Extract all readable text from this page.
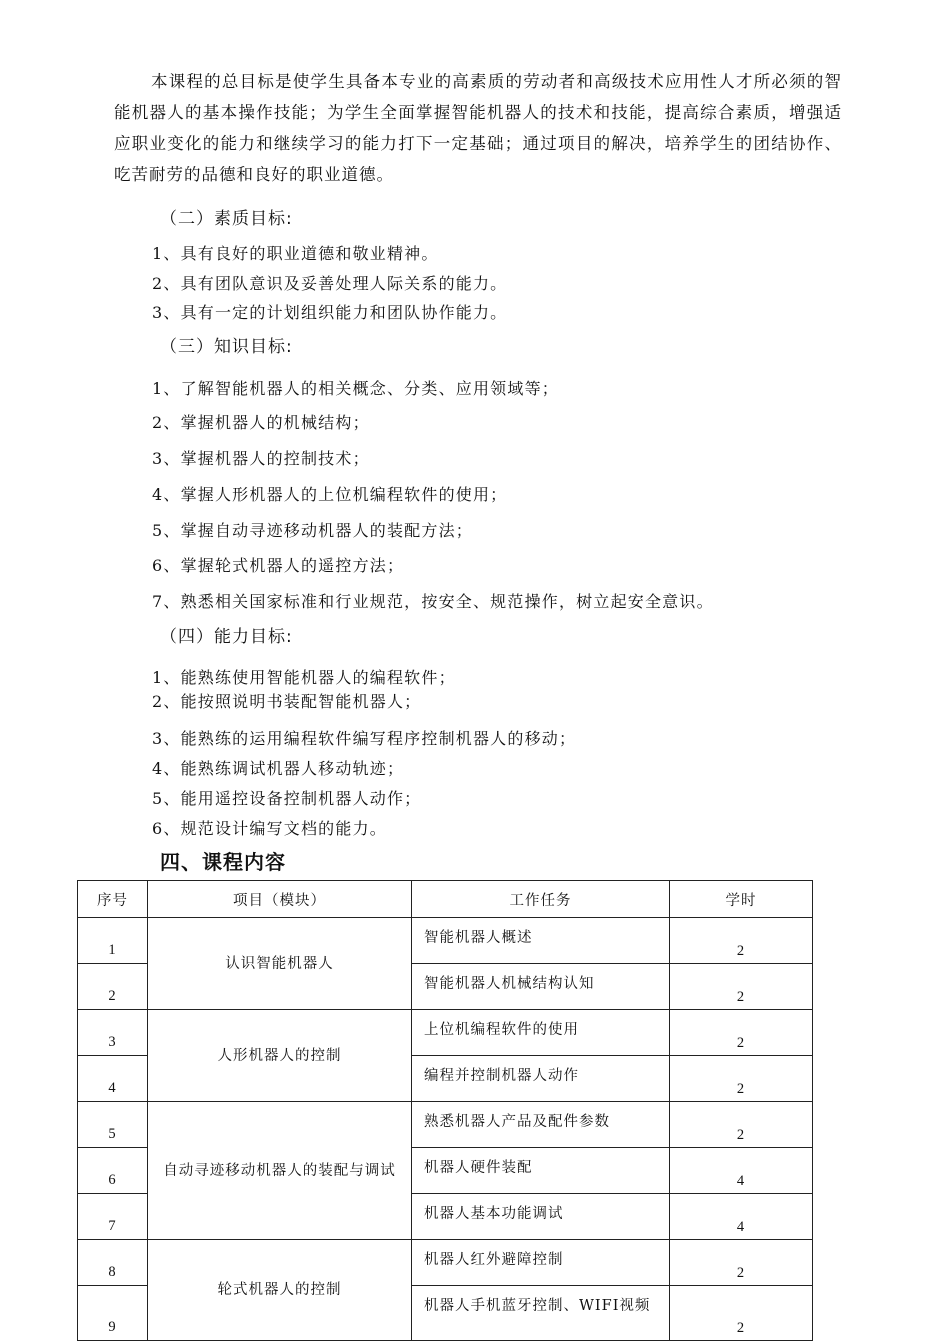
本课程的总目标是使学生具备本专业的高素质的劳动者和高级技术应用性人才所必须的智能机器人的基本操作技能；为学生全面掌握智能机器人的技术和技能，提高综合素质，增强适应职业变化的能力和继续学习的能力打下一定基础；通过项目的解决，培养学生的团结协作、吃苦耐劳的品德和良好的职业道德。
（二）素质目标:
1、具有良好的职业道德和敬业精神。
2、具有团队意识及妥善处理人际关系的能力。
3、具有一定的计划组织能力和团队协作能力。
（三）知识目标:
1、了解智能机器人的相关概念、分类、应用领域等；
2、掌握机器人的机械结构；
3、掌握机器人的控制技术；
4、掌握人形机器人的上位机编程软件的使用；
5、掌握自动寻迹移动机器人的装配方法；
6、掌握轮式机器人的遥控方法；
7、熟悉相关国家标准和行业规范，按安全、规范操作，树立起安全意识。
（四）能力目标:
1、能熟练使用智能机器人的编程软件；
2、能按照说明书装配智能机器人；
3、能熟练的运用编程软件编写程序控制机器人的移动；
4、能熟练调试机器人移动轨迹；
5、能用遥控设备控制机器人动作；
6、规范设计编写文档的能力。
四、课程内容
序号	项目（模块）	工作任务	学时
1	认识智能机器人	智能机器人概述	2
2		智能机器人机械结构认知	2
3	人形机器人的控制	上位机编程软件的使用	2
4		编程并控制机器人动作	2
5	自动寻迹移动机器人的装配与调试	熟悉机器人产品及配件参数	2
6		机器人硬件装配	4
7		机器人基本功能调试	4
8	轮式机器人的控制	机器人红外避障控制	2
9		机器人手机蓝牙控制、WIFI视频	2
